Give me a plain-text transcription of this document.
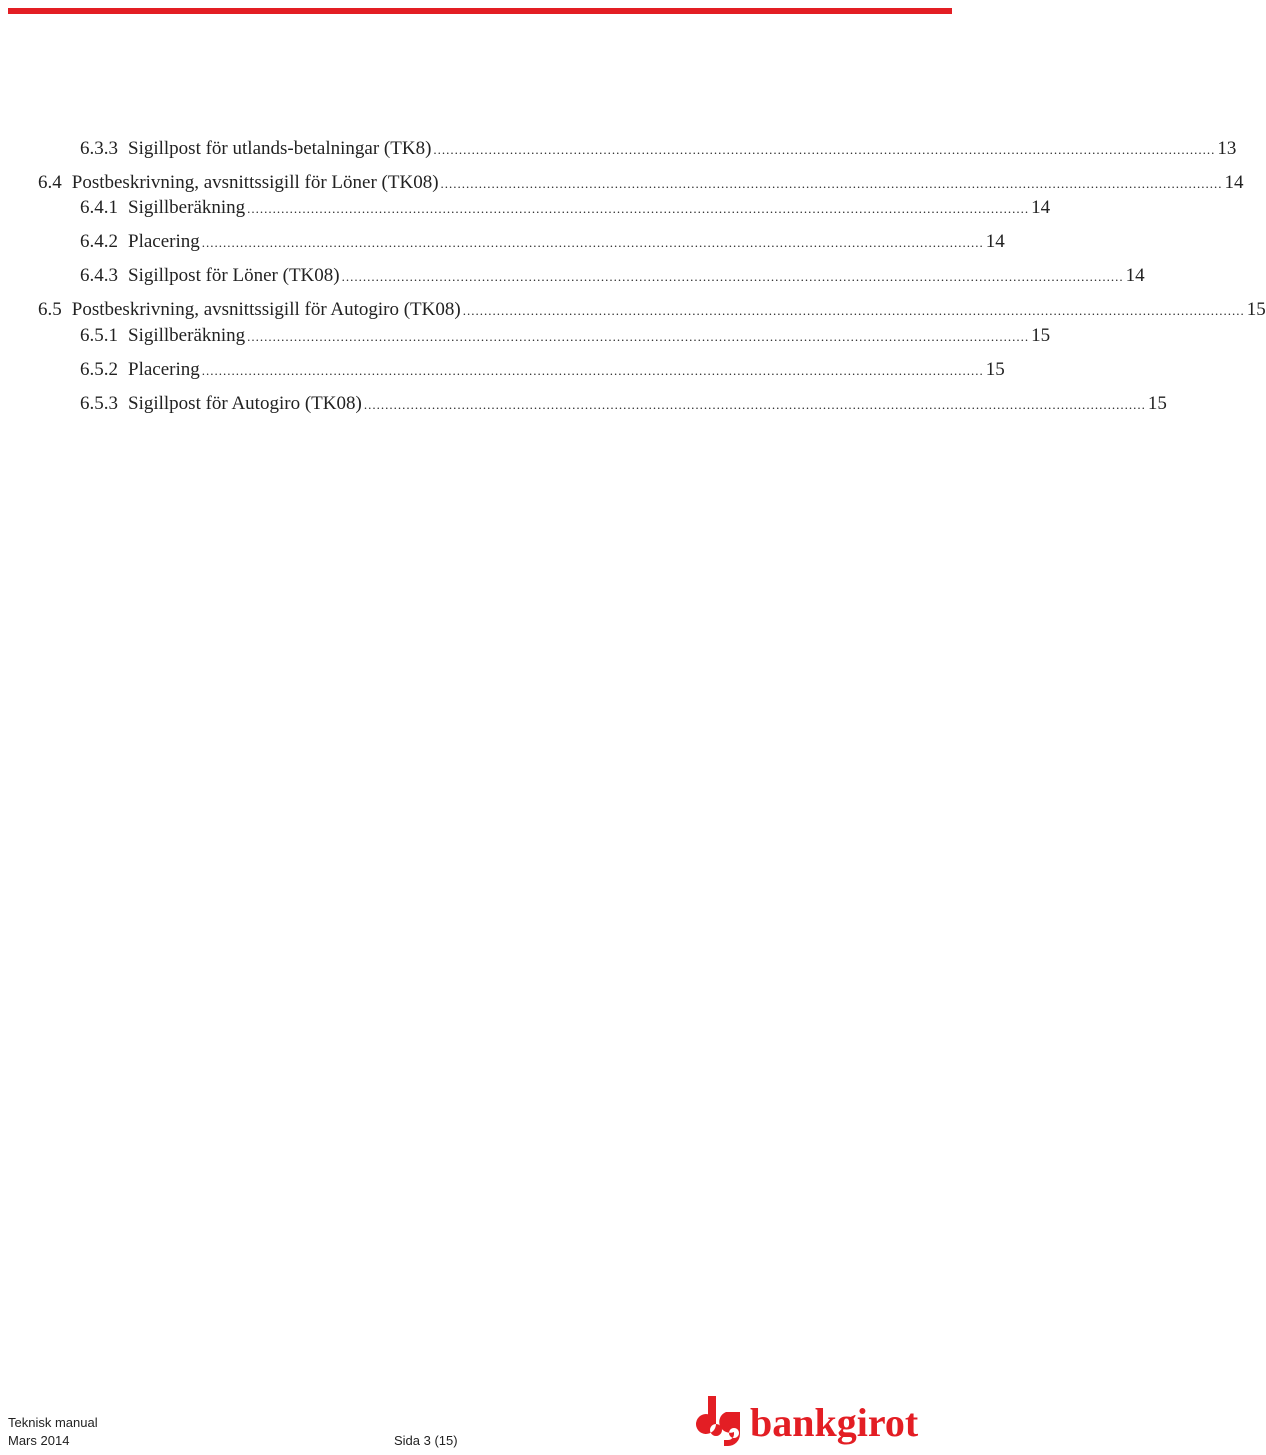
6.3.3 Sigillpost för utlands-betalningar (TK8) ........................................................................................................................................................................................ 13
6.4 Postbeskrivning, avsnittssigill för Löner (TK08) ........................................................................................................................................................................................ 14
6.4.1 Sigillberäkning ........................................................................................................................................................................................ 14
6.4.2 Placering ........................................................................................................................................................................................ 14
6.4.3 Sigillpost för Löner (TK08) ........................................................................................................................................................................................ 14
6.5 Postbeskrivning, avsnittssigill för Autogiro (TK08) ........................................................................................................................................................................................ 15
6.5.1 Sigillberäkning ........................................................................................................................................................................................ 15
6.5.2 Placering ........................................................................................................................................................................................ 15
6.5.3 Sigillpost för Autogiro (TK08) ........................................................................................................................................................................................ 15
Teknisk manual
Mars 2014	Sida 3 (15)	bankgirot
